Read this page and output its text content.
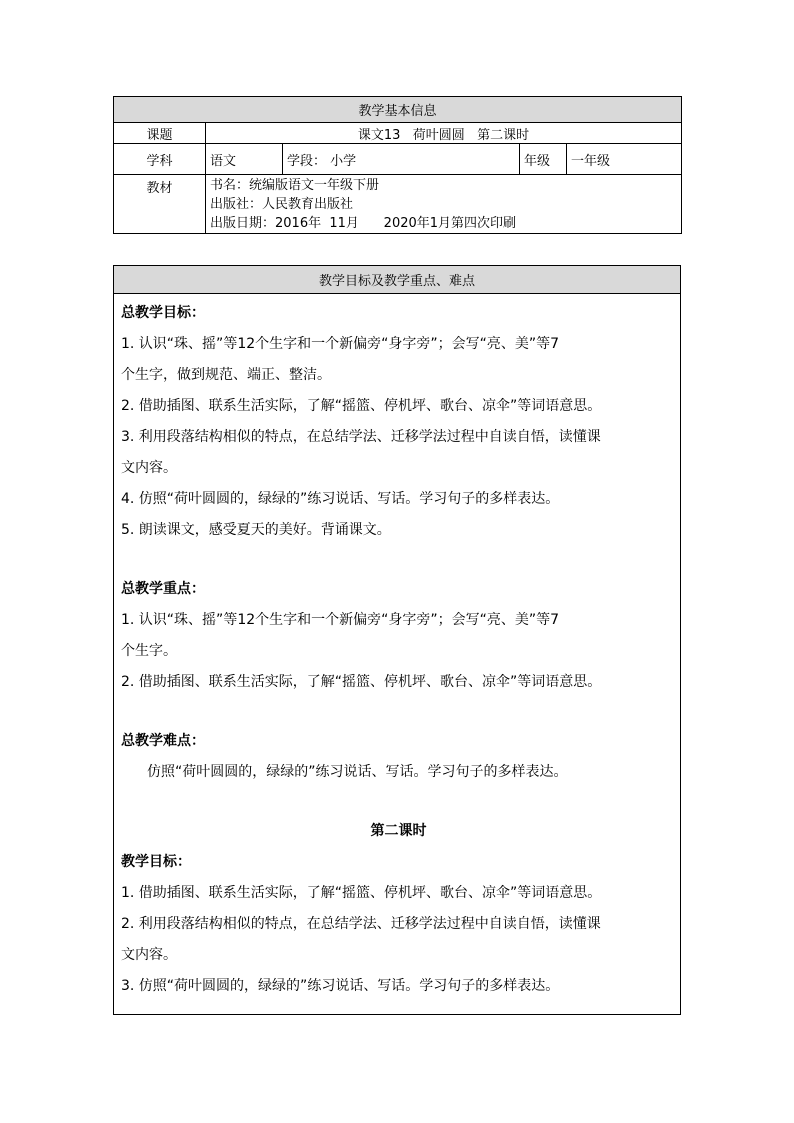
教学基本信息				
课题	课文13   荷叶圆圆   第二课时			
学科	语文	学段： 小学	年级	一年级
教材	书名：统编版语文一年级下册
出版社：人民教育出版社
出版日期：2016年  11月      2020年1月第四次印刷			
教学目标及教学重点、难点

总教学目标：

1. 认识“珠、摇”等12个生字和一个新偏旁“身字旁”；会写“亮、美”等7

个生字，做到规范、端正、整洁。

2. 借助插图、联系生活实际，了解“摇篮、停机坪、歌台、凉伞”等词语意思。

3. 利用段落结构相似的特点，在总结学法、迁移学法过程中自读自悟，读懂课

文内容。

4. 仿照“荷叶圆圆的，绿绿的”练习说话、写话。学习句子的多样表达。

5. 朗读课文，感受夏天的美好。背诵课文。

总教学重点：

1. 认识“珠、摇”等12个生字和一个新偏旁“身字旁”；会写“亮、美”等7

个生字。

2. 借助插图、联系生活实际，了解“摇篮、停机坪、歌台、凉伞”等词语意思。

总教学难点：

仿照“荷叶圆圆的，绿绿的”练习说话、写话。学习句子的多样表达。

第二课时

教学目标：

1. 借助插图、联系生活实际，了解“摇篮、停机坪、歌台、凉伞”等词语意思。

2. 利用段落结构相似的特点，在总结学法、迁移学法过程中自读自悟，读懂课

文内容。

3. 仿照“荷叶圆圆的，绿绿的”练习说话、写话。学习句子的多样表达。
